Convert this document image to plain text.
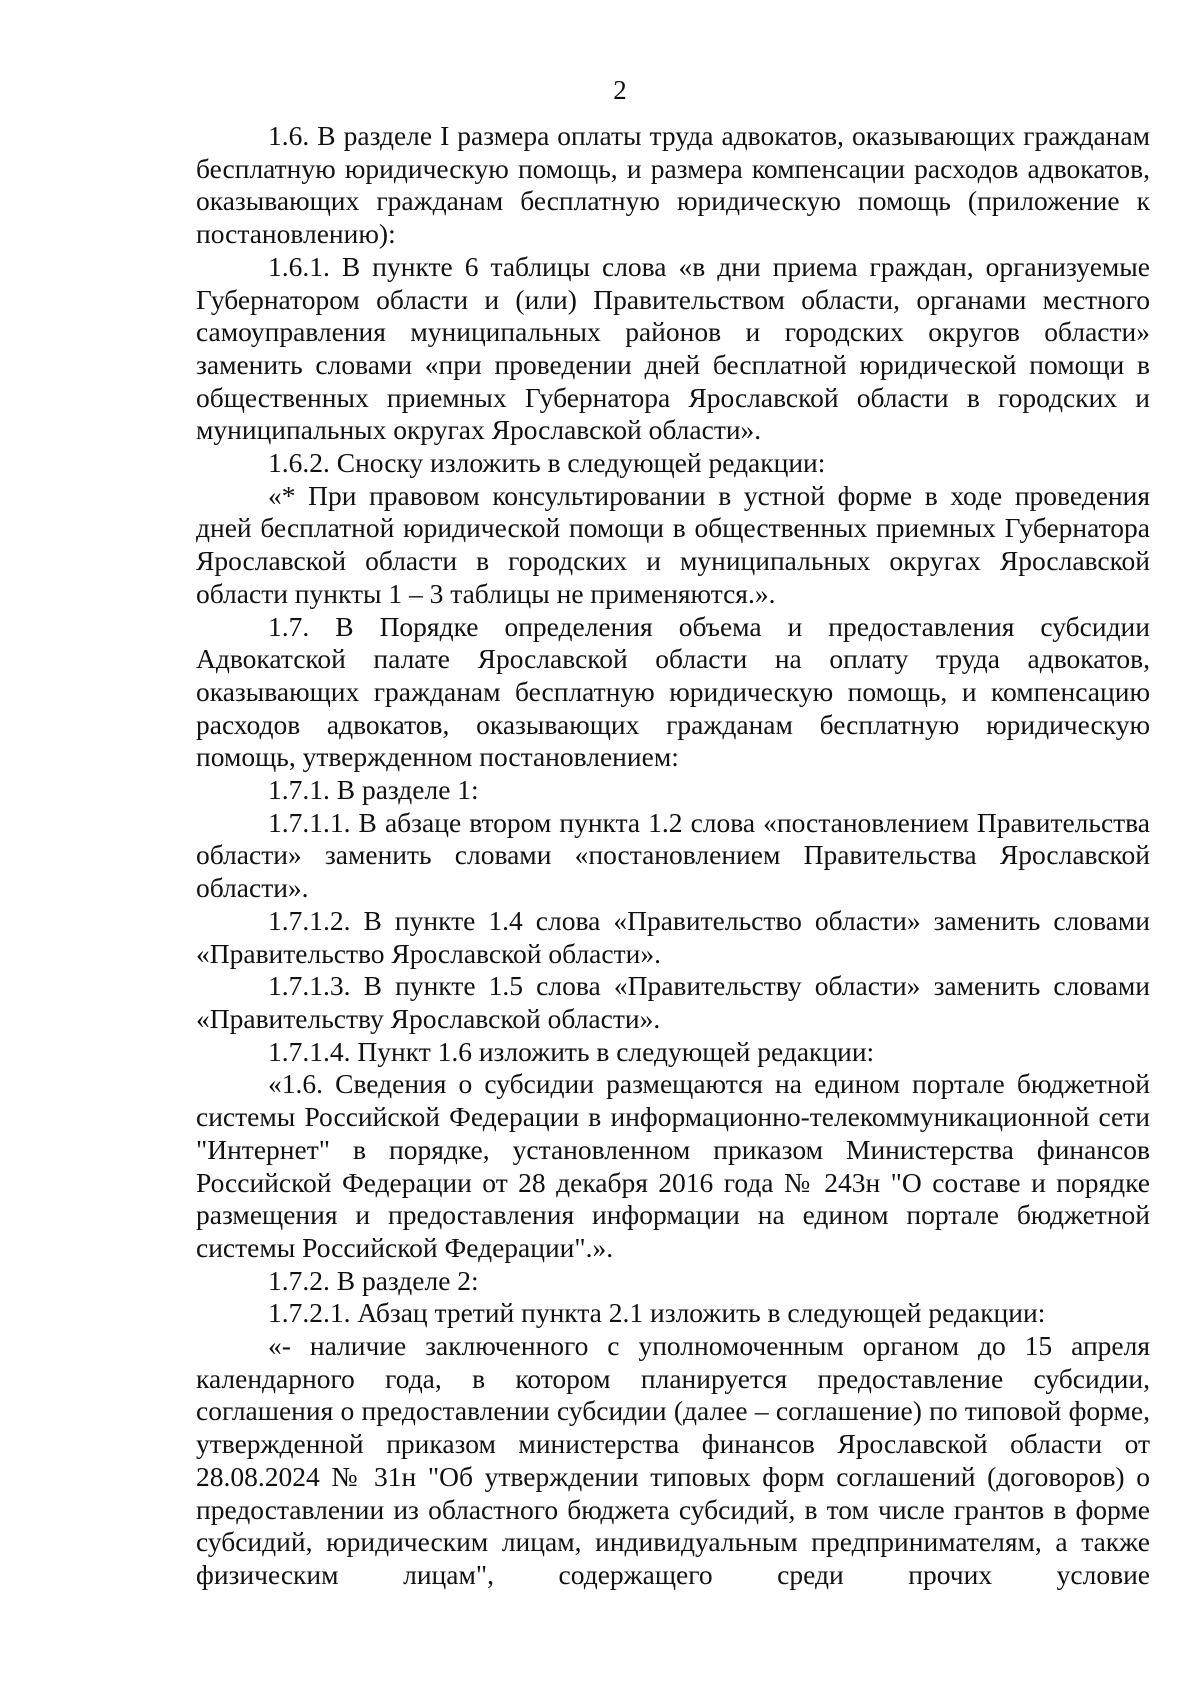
2

1.6. В разделе I размера оплаты труда адвокатов, оказывающих гражданам бесплатную юридическую помощь, и размера компенсации расходов адвокатов, оказывающих гражданам бесплатную юридическую помощь (приложение к постановлению):

1.6.1. В пункте 6 таблицы слова «в дни приема граждан, организуемые Губернатором области и (или) Правительством области, органами местного самоуправления муниципальных районов и городских округов области» заменить словами «при проведении дней бесплатной юридической помощи в общественных приемных Губернатора Ярославской области в городских и муниципальных округах Ярославской области».

1.6.2. Сноску изложить в следующей редакции:

«* При правовом консультировании в устной форме в ходе проведения дней бесплатной юридической помощи в общественных приемных Губернатора Ярославской области в городских и муниципальных округах Ярославской области пункты 1 – 3 таблицы не применяются.».

1.7. В Порядке определения объема и предоставления субсидии Адвокатской палате Ярославской области на оплату труда адвокатов, оказывающих гражданам бесплатную юридическую помощь, и компенсацию расходов адвокатов, оказывающих гражданам бесплатную юридическую помощь, утвержденном постановлением:

1.7.1. В разделе 1:

1.7.1.1. В абзаце втором пункта 1.2 слова «постановлением Правительства области» заменить словами «постановлением Правительства Ярославской области».

1.7.1.2. В пункте 1.4 слова «Правительство области» заменить словами «Правительство Ярославской области».

1.7.1.3. В пункте 1.5 слова «Правительству области» заменить словами «Правительству Ярославской области».

1.7.1.4. Пункт 1.6 изложить в следующей редакции:

«1.6. Сведения о субсидии размещаются на едином портале бюджетной системы Российской Федерации в информационно-телекоммуникационной сети "Интернет" в порядке, установленном приказом Министерства финансов Российской Федерации от 28 декабря 2016 года № 243н "О составе и порядке размещения и предоставления информации на едином портале бюджетной системы Российской Федерации".».

1.7.2. В разделе 2:

1.7.2.1. Абзац третий пункта 2.1 изложить в следующей редакции:

«- наличие заключенного с уполномоченным органом до 15 апреля календарного года, в котором планируется предоставление субсидии, соглашения о предоставлении субсидии (далее – соглашение) по типовой форме, утвержденной приказом министерства финансов Ярославской области от 28.08.2024 № 31н "Об утверждении типовых форм соглашений (договоров) о предоставлении из областного бюджета субсидий, в том числе грантов в форме субсидий, юридическим лицам, индивидуальным предпринимателям, а также физическим лицам", содержащего среди прочих условие
